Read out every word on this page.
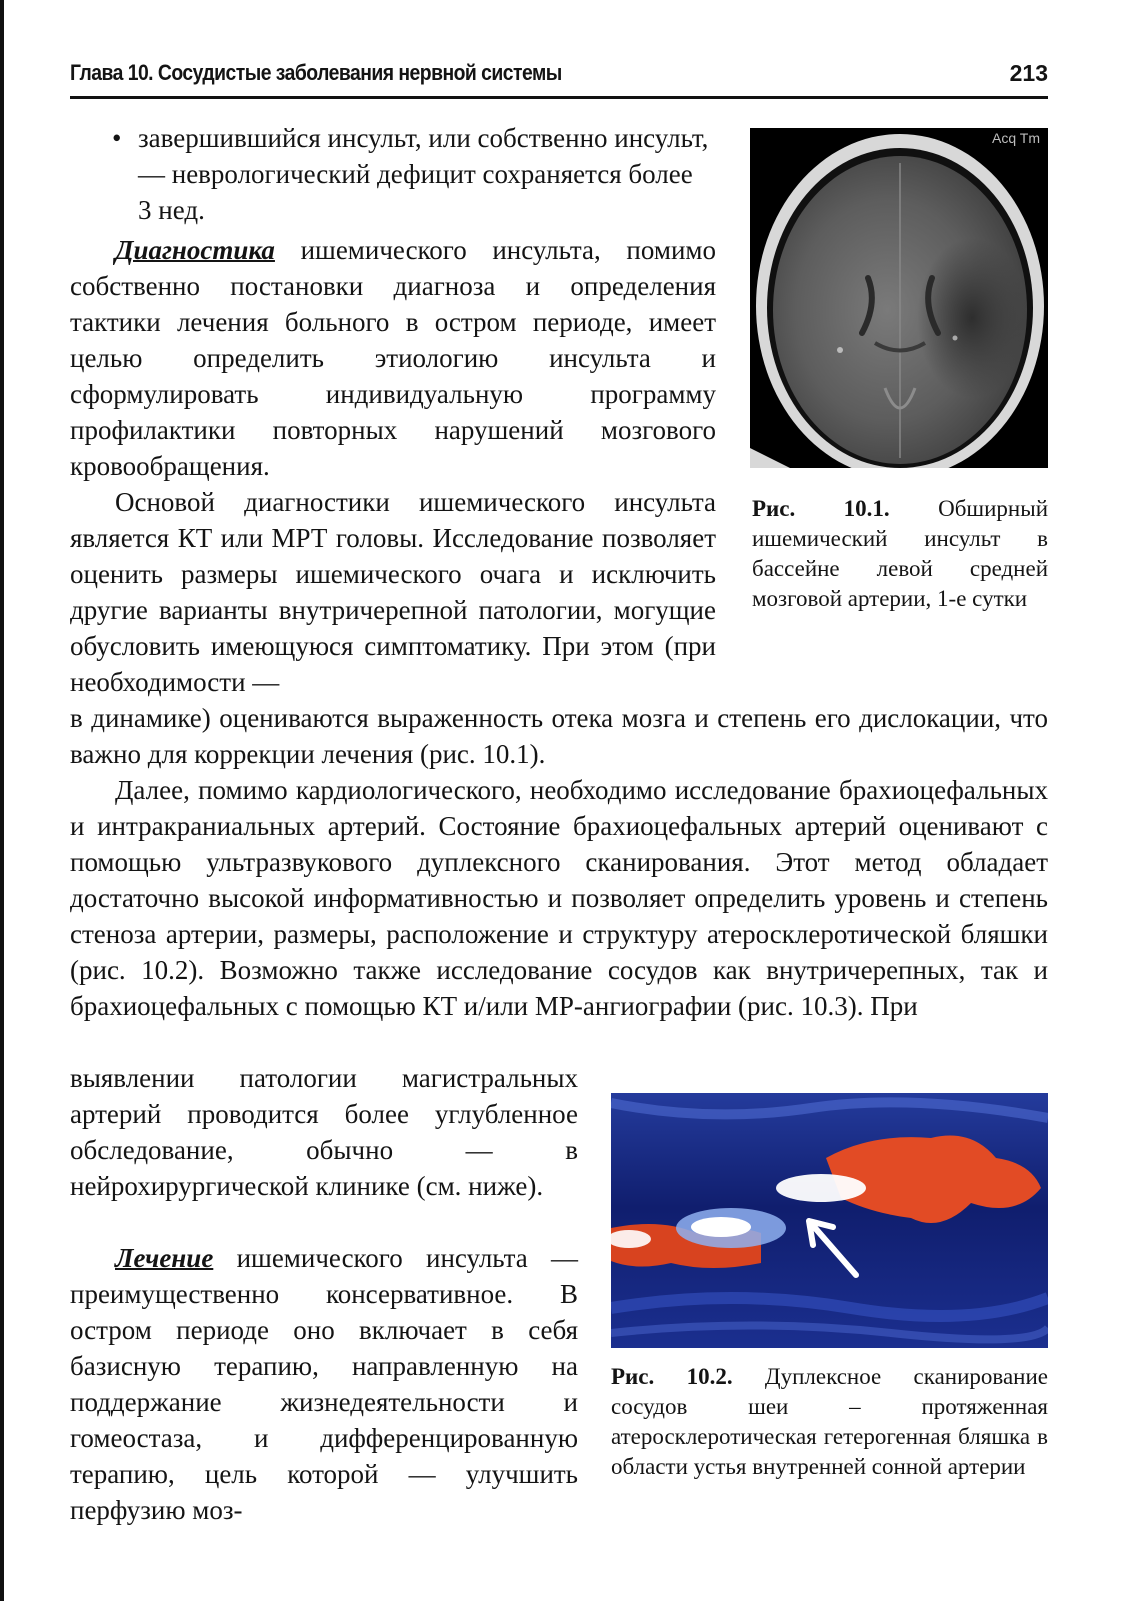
Глава 10. Сосудистые заболевания нервной системы	213
• завершившийся инсульт, или собственно инсульт, — неврологический дефицит сохраняется более 3 нед.

Диагностика ишемического инсульта, помимо собственно постановки диагноза и определения тактики лечения больного в остром периоде, имеет целью определить этиологию инсульта и сформулировать индивидуальную программу профилактики повторных нарушений мозгового кровообращения.

Основой диагностики ишемического инсульта является КТ или МРТ головы. Исследование позволяет оценить размеры ишемического очага и исключить другие варианты внутричерепной патологии, могущие обусловить имеющуюся симптоматику. При этом (при необходимости —

в динамике) оцениваются выраженность отека мозга и степень его дислокации, что важно для коррекции лечения (рис. 10.1).

Далее, помимо кардиологического, необходимо исследование брахиоцефальных и интракраниальных артерий. Состояние брахиоцефальных артерий оценивают с помощью ультразвукового дуплексного сканирования. Этот метод обладает достаточно высокой информативностью и позволяет определить уровень и степень стеноза артерии, размеры, расположение и структуру атеросклеротической бляшки (рис. 10.2). Возможно также исследование сосудов как внутричерепных, так и брахиоцефальных с помощью КТ и/или МР-ангиографии (рис. 10.3). При

выявлении патологии магистральных артерий проводится более углубленное обследование, обычно — в нейрохирургической клинике (см. ниже).

Лечение ишемического инсульта — преимущественно консервативное. В остром периоде оно включает в себя базисную терапию, направленную на поддержание жизнедеятельности и гомеостаза, и дифференцированную терапию, цель которой — улучшить перфузию моз-

Acq Tm
Рис. 10.1. Обширный ишемический инсульт в бассейне левой средней мозговой артерии, 1-е сутки
Рис. 10.2. Дуплексное сканирование сосудов шеи – протяженная атеросклеротическая гетерогенная бляшка в области устья внутренней сонной артерии
